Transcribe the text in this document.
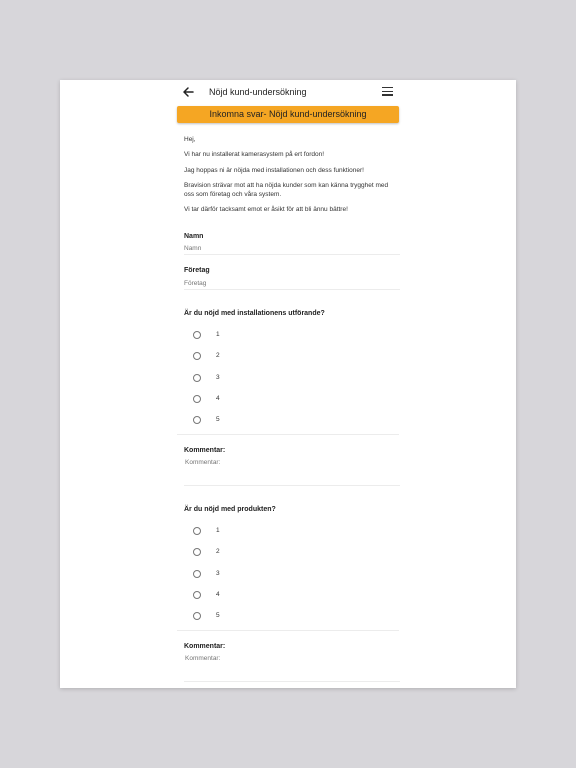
Nöjd kund-undersökning
Inkomna svar- Nöjd kund-undersökning
Hej,
Vi har nu installerat kamerasystem på ert fordon!
Jag hoppas ni är nöjda med installationen och dess funktioner!
Bravision strävar mot att ha nöjda kunder som kan känna trygghet med oss som företag och våra system.
Vi tar därför tacksamt emot er åsikt för att bli ännu bättre!
Namn
Namn
Företag
Företag
Är du nöjd med installationens utförande?
1
2
3
4
5
Kommentar:
Kommentar:
Är du nöjd med produkten?
1
2
3
4
5
Kommentar:
Kommentar:
